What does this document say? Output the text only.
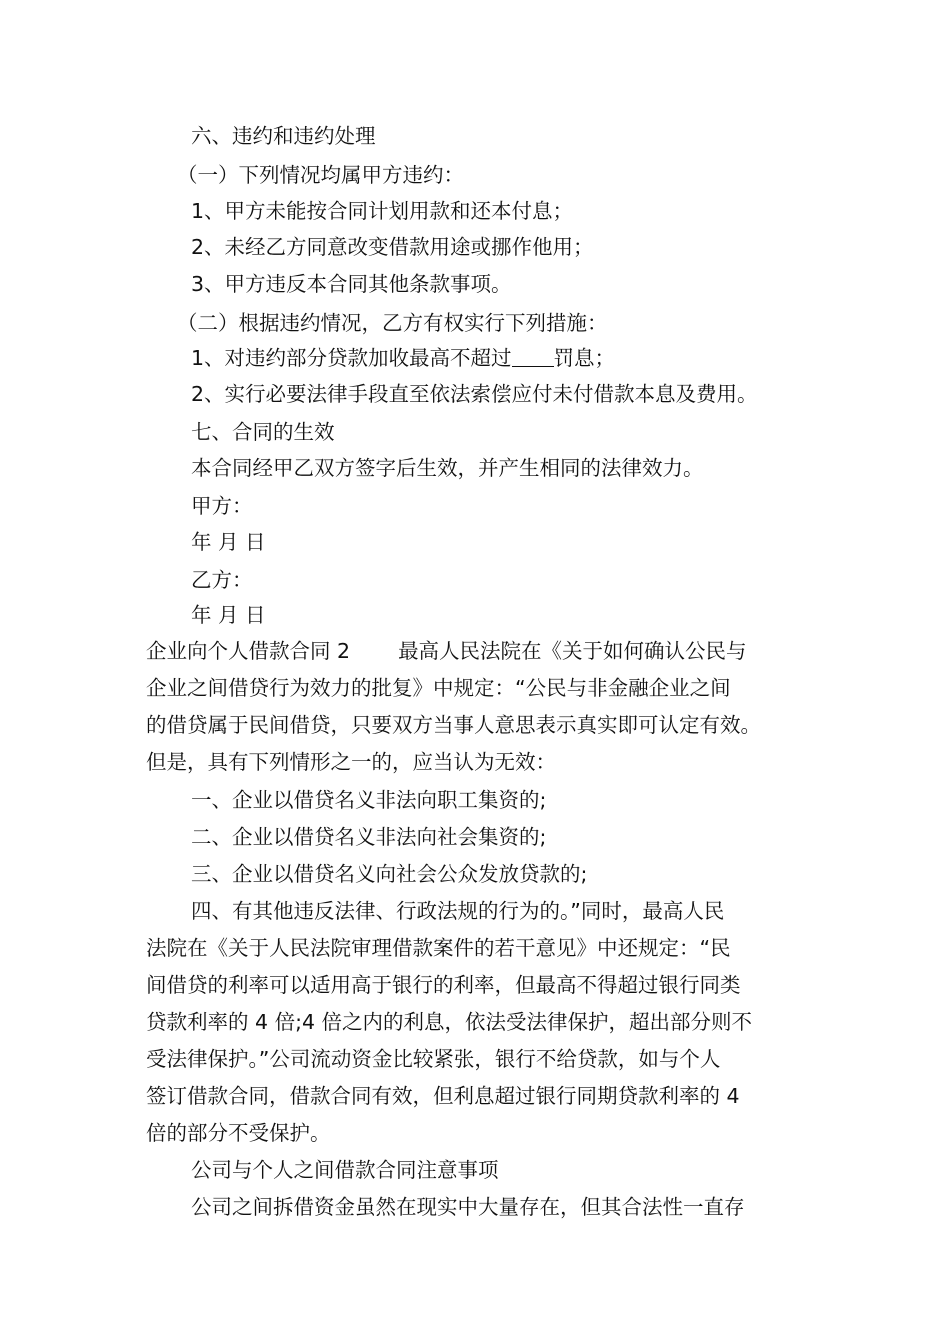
六、违约和违约处理
（一）下列情况均属甲方违约：
1、甲方未能按合同计划用款和还本付息；
2、未经乙方同意改变借款用途或挪作他用；
3、甲方违反本合同其他条款事项。
（二）根据违约情况，乙方有权实行下列措施：
1、对违约部分贷款加收最高不超过 罚息；
2、实行必要法律手段直至依法索偿应付未付借款本息及费用。
七、合同的生效
本合同经甲乙双方签字后生效，并产生相同的法律效力。
甲方：
年 月 日
乙方：
年 月 日
企业向个人借款合同 2 最高人民法院在《关于如何确认公民与
企业之间借贷行为效力的批复》中规定：“公民与非金融企业之间
的借贷属于民间借贷，只要双方当事人意思表示真实即可认定有效。
但是，具有下列情形之一的，应当认为无效：
一、企业以借贷名义非法向职工集资的;
二、企业以借贷名义非法向社会集资的;
三、企业以借贷名义向社会公众发放贷款的;
四、有其他违反法律、行政法规的行为的。”同时，最高人民
法院在《关于人民法院审理借款案件的若干意见》中还规定：“民
间借贷的利率可以适用高于银行的利率，但最高不得超过银行同类
贷款利率的 4 倍;4 倍之内的利息，依法受法律保护，超出部分则不
受法律保护。”公司流动资金比较紧张，银行不给贷款，如与个人
签订借款合同，借款合同有效，但利息超过银行同期贷款利率的 4
倍的部分不受保护。
公司与个人之间借款合同注意事项
公司之间拆借资金虽然在现实中大量存在，但其合法性一直存
